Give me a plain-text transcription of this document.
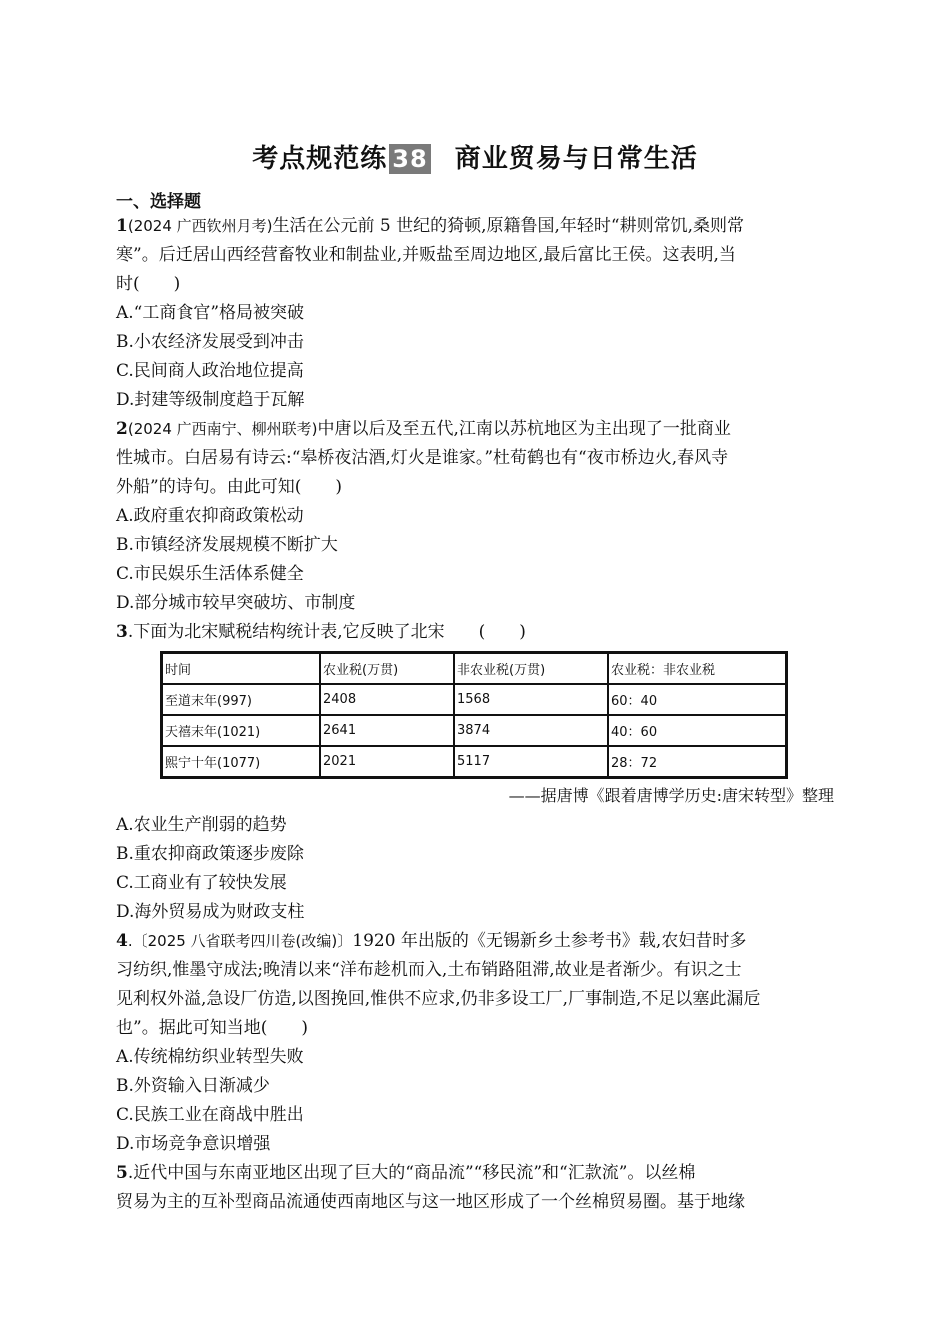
考点规范练 38 商业贸易与日常生活
一、选择题
1(2024 广西钦州月考)生活在公元前 5 世纪的猗顿,原籍鲁国,年轻时“耕则常饥,桑则常
寒”。后迁居山西经营畜牧业和制盐业,并贩盐至周边地区,最后富比王侯。这表明,当
时(　　)
A.“工商食官”格局被突破
B.小农经济发展受到冲击
C.民间商人政治地位提高
D.封建等级制度趋于瓦解
2(2024 广西南宁、柳州联考)中唐以后及至五代,江南以苏杭地区为主出现了一批商业
性城市。白居易有诗云:“皋桥夜沽酒,灯火是谁家。”杜荀鹤也有“夜市桥边火,春风寺
外船”的诗句。由此可知(　　)
A.政府重农抑商政策松动
B.市镇经济发展规模不断扩大
C.市民娱乐生活体系健全
D.部分城市较早突破坊、市制度
3.下面为北宋赋税结构统计表,它反映了北宋　　(　　)
时间	农业税(万贯)	非农业税(万贯)	农业税：非农业税
至道末年(997)	2408	1568	60：40
天禧末年(1021)	2641	3874	40：60
熙宁十年(1077)	2021	5117	28：72
——据唐博《跟着唐博学历史:唐宋转型》整理
A.农业生产削弱的趋势
B.重农抑商政策逐步废除
C.工商业有了较快发展
D.海外贸易成为财政支柱
4.〔2025 八省联考四川卷(改编)〕1920 年出版的《无锡新乡土参考书》载,农妇昔时多
习纺织,惟墨守成法;晚清以来“洋布趁机而入,土布销路阻滞,故业是者渐少。有识之士
见利权外溢,急设厂仿造,以图挽回,惟供不应求,仍非多设工厂,厂事制造,不足以塞此漏卮
也”。据此可知当地(　　)
A.传统棉纺织业转型失败
B.外资输入日渐减少
C.民族工业在商战中胜出
D.市场竞争意识增强
5.近代中国与东南亚地区出现了巨大的“商品流”“移民流”和“汇款流”。以丝棉
贸易为主的互补型商品流通使西南地区与这一地区形成了一个丝棉贸易圈。基于地缘
